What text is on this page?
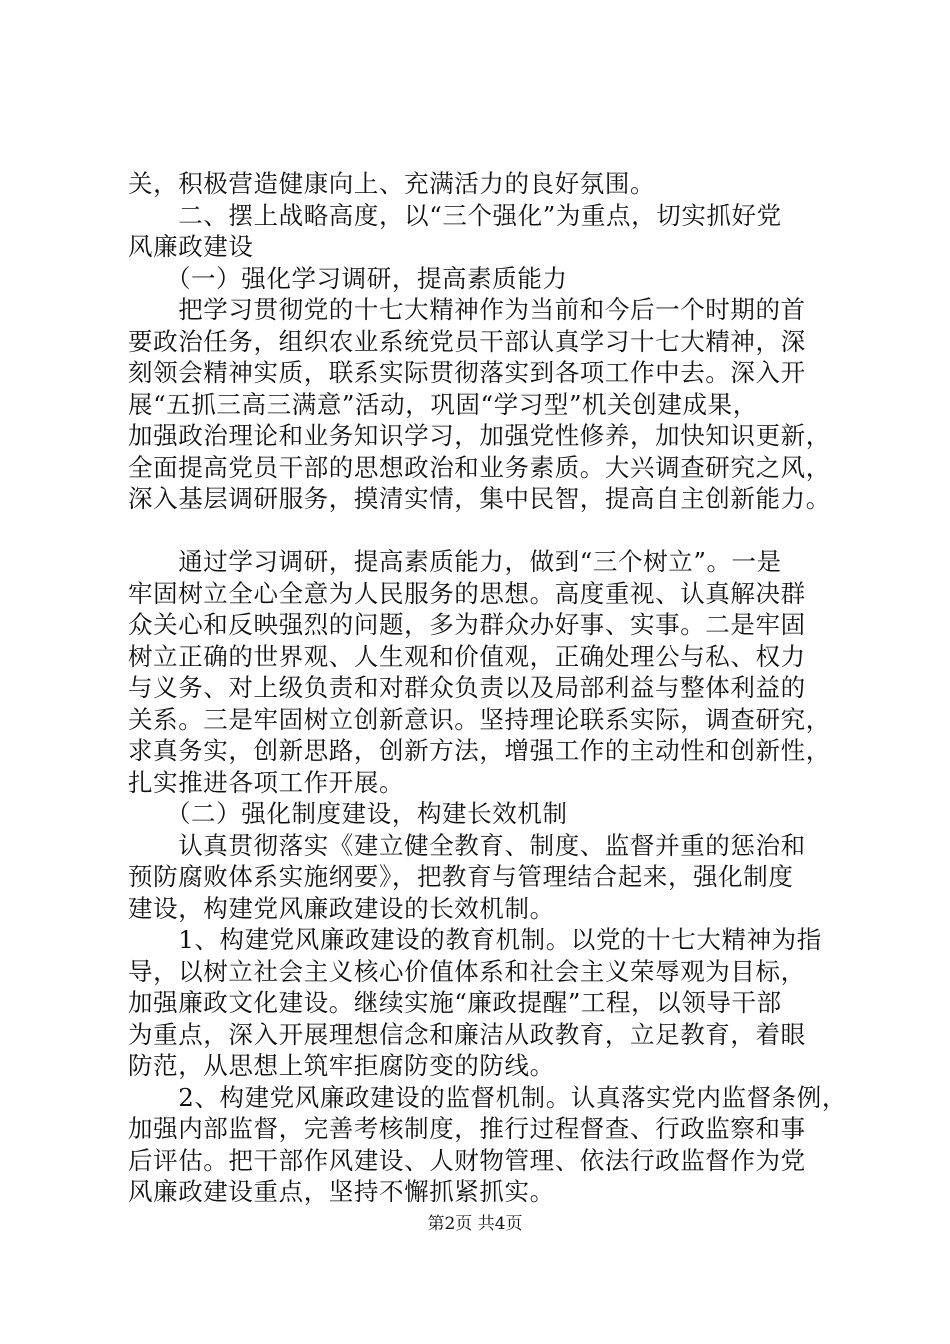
关，积极营造健康向上、充满活力的良好氛围。
　　二、摆上战略高度，以“三个强化”为重点，切实抓好党
风廉政建设
　　（一）强化学习调研，提高素质能力
　　把学习贯彻党的十七大精神作为当前和今后一个时期的首
要政治任务，组织农业系统党员干部认真学习十七大精神，深
刻领会精神实质，联系实际贯彻落实到各项工作中去。深入开
展“五抓三高三满意”活动，巩固“学习型”机关创建成果，
加强政治理论和业务知识学习，加强党性修养，加快知识更新，
全面提高党员干部的思想政治和业务素质。大兴调查研究之风，
深入基层调研服务，摸清实情，集中民智，提高自主创新能力。
　　通过学习调研，提高素质能力，做到“三个树立”。一是
牢固树立全心全意为人民服务的思想。高度重视、认真解决群
众关心和反映强烈的问题，多为群众办好事、实事。二是牢固
树立正确的世界观、人生观和价值观，正确处理公与私、权力
与义务、对上级负责和对群众负责以及局部利益与整体利益的
关系。三是牢固树立创新意识。坚持理论联系实际，调查研究，
求真务实，创新思路，创新方法，增强工作的主动性和创新性，
扎实推进各项工作开展。
　　（二）强化制度建设，构建长效机制
　　认真贯彻落实《建立健全教育、制度、监督并重的惩治和
预防腐败体系实施纲要》，把教育与管理结合起来，强化制度
建设，构建党风廉政建设的长效机制。
　　1、构建党风廉政建设的教育机制。以党的十七大精神为指
导，以树立社会主义核心价值体系和社会主义荣辱观为目标，
加强廉政文化建设。继续实施“廉政提醒”工程，以领导干部
为重点，深入开展理想信念和廉洁从政教育，立足教育，着眼
防范，从思想上筑牢拒腐防变的防线。
　　2、构建党风廉政建设的监督机制。认真落实党内监督条例，
加强内部监督，完善考核制度，推行过程督查、行政监察和事
后评估。把干部作风建设、人财物管理、依法行政监督作为党
风廉政建设重点，坚持不懈抓紧抓实。
第2页 共4页
